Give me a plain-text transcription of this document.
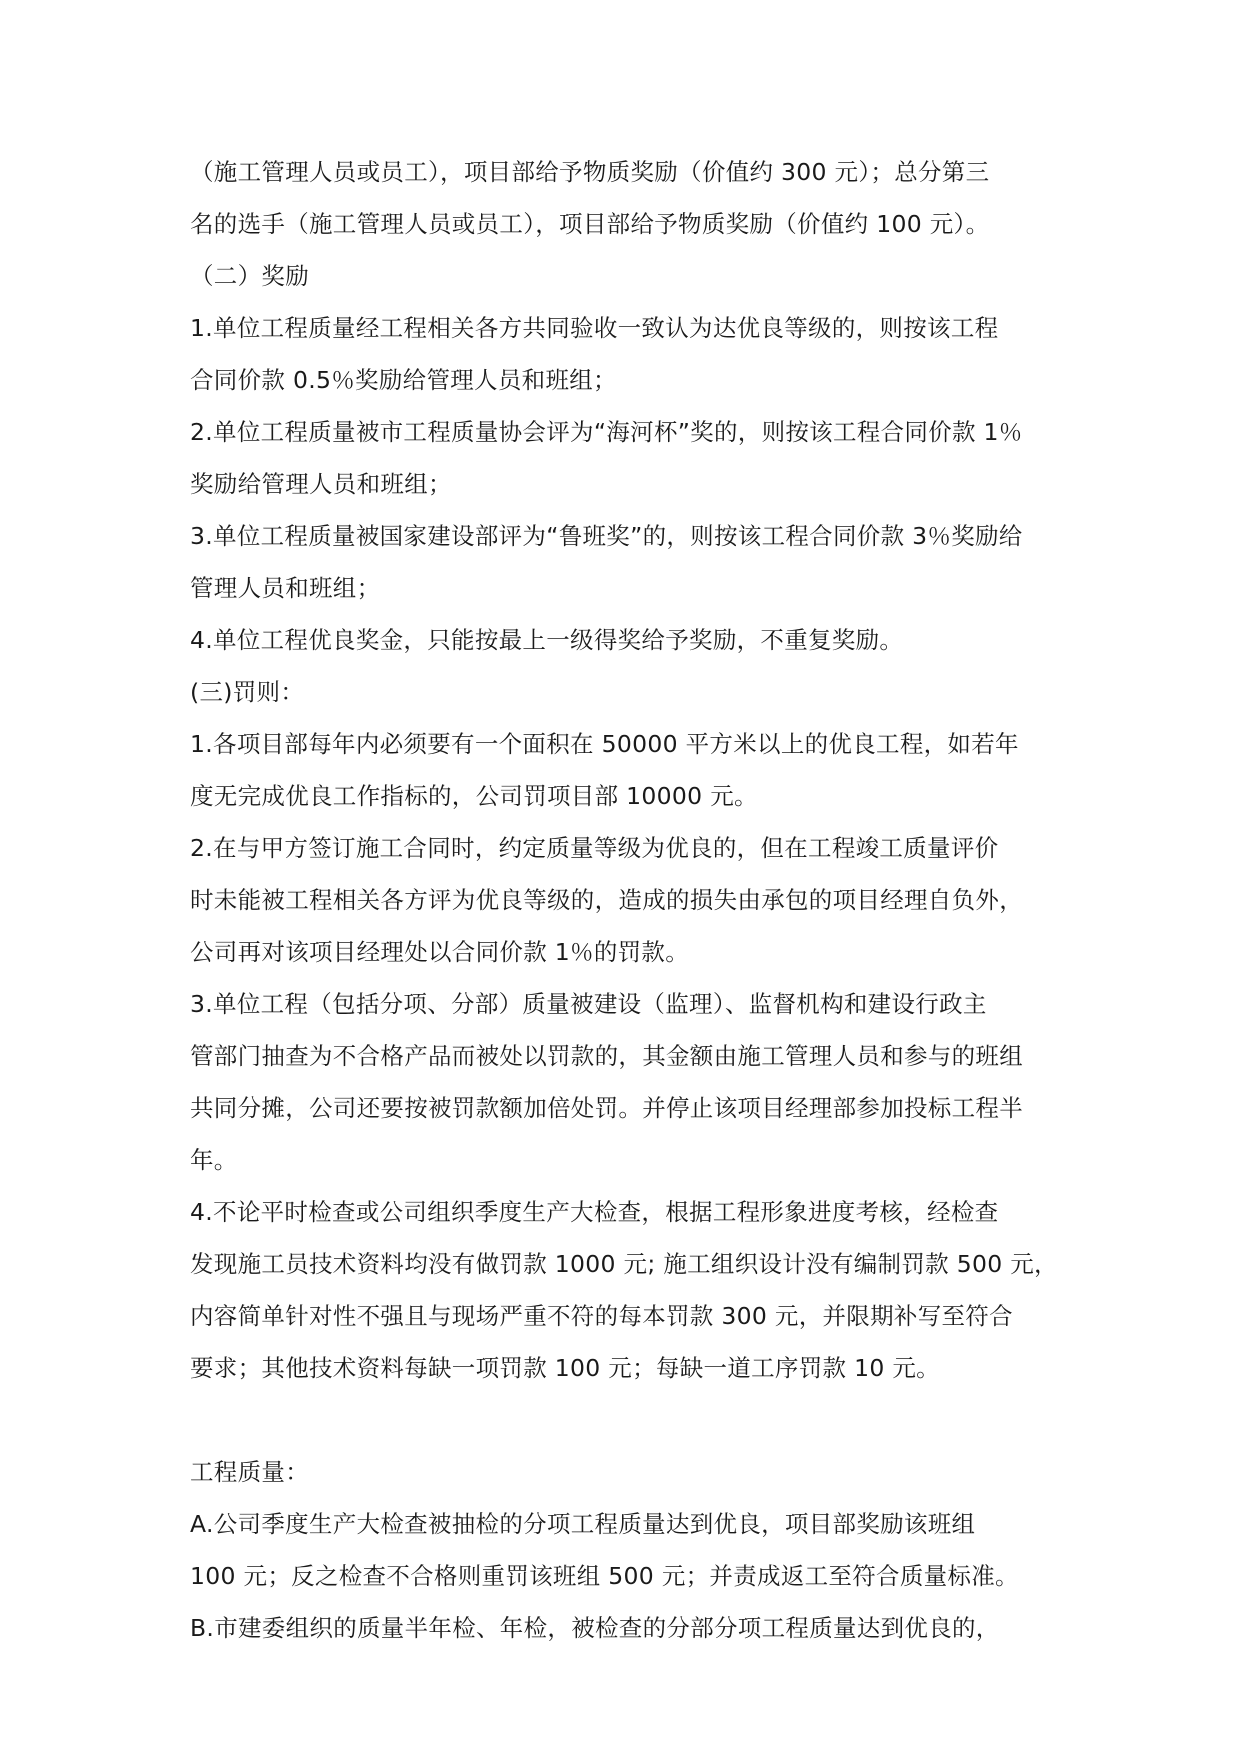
（施工管理人员或员工），项目部给予物质奖励（价值约 300 元）；总分第三
名的选手（施工管理人员或员工），项目部给予物质奖励（价值约 100 元）。
（二）奖励
1.单位工程质量经工程相关各方共同验收一致认为达优良等级的，则按该工程
合同价款 0.5％奖励给管理人员和班组；
2.单位工程质量被市工程质量协会评为“海河杯”奖的，则按该工程合同价款 1％
奖励给管理人员和班组；
3.单位工程质量被国家建设部评为“鲁班奖”的，则按该工程合同价款 3％奖励给
管理人员和班组；
4.单位工程优良奖金，只能按最上一级得奖给予奖励，不重复奖励。
(三)罚则：
1.各项目部每年内必须要有一个面积在 50000 平方米以上的优良工程，如若年
度无完成优良工作指标的，公司罚项目部 10000 元。
2.在与甲方签订施工合同时，约定质量等级为优良的，但在工程竣工质量评价
时未能被工程相关各方评为优良等级的，造成的损失由承包的项目经理自负外，
公司再对该项目经理处以合同价款 1％的罚款。
3.单位工程（包括分项、分部）质量被建设（监理）、监督机构和建设行政主
管部门抽查为不合格产品而被处以罚款的，其金额由施工管理人员和参与的班组
共同分摊，公司还要按被罚款额加倍处罚。并停止该项目经理部参加投标工程半
年。
4.不论平时检查或公司组织季度生产大检查，根据工程形象进度考核，经检查
发现施工员技术资料均没有做罚款 1000 元; 施工组织设计没有编制罚款 500 元，
内容简单针对性不强且与现场严重不符的每本罚款 300 元，并限期补写至符合
要求；其他技术资料每缺一项罚款 100 元；每缺一道工序罚款 10 元。
工程质量：
A.公司季度生产大检查被抽检的分项工程质量达到优良，项目部奖励该班组
100 元；反之检查不合格则重罚该班组 500 元；并责成返工至符合质量标准。
B.市建委组织的质量半年检、年检，被检查的分部分项工程质量达到优良的，
